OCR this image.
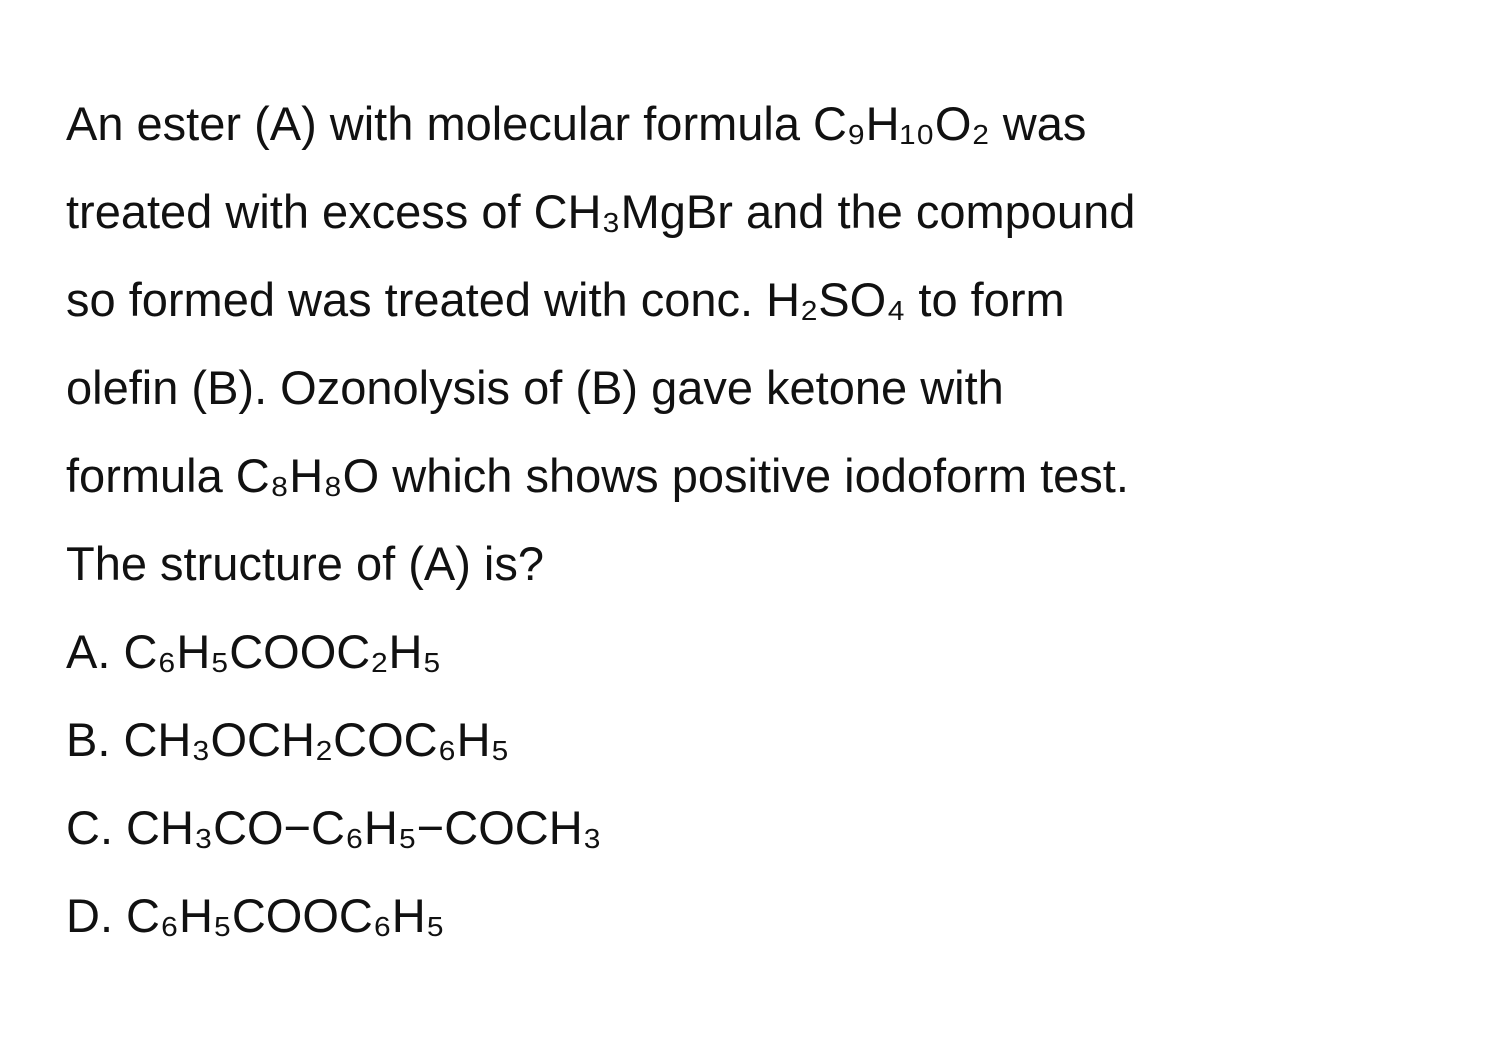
An ester (A) with molecular formula C₉H₁₀O₂ was
treated with excess of CH₃MgBr and the compound
so formed was treated with conc. H₂SO₄ to form
olefin (B). Ozonolysis of (B) gave ketone with
formula C₈H₈O which shows positive iodoform test.
The structure of (A) is?
A. C₆H₅COOC₂H₅
B. CH₃OCH₂COC₆H₅
C. CH₃CO−C₆H₅−COCH₃
D. C₆H₅COOC₆H₅
